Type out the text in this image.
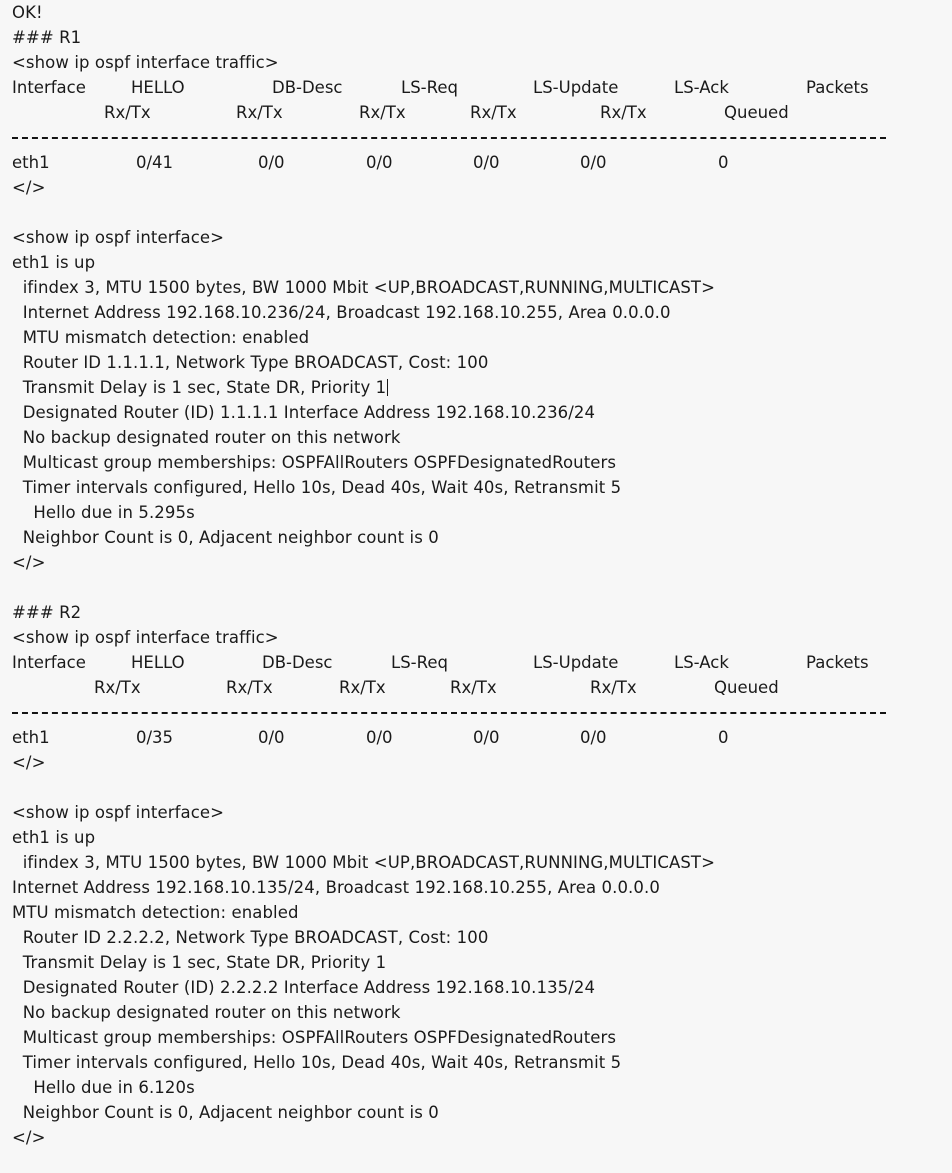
OK!
### R1
<show ip ospf interface traffic>
Interface	HELLO	DB-Desc	LS-Req	LS-Update	LS-Ack	Packets
Rx/Tx	Rx/Tx	Rx/Tx	Rx/Tx	Rx/Tx	Queued
eth1	0/41	0/0	0/0	0/0	0/0	0
</>
<show ip ospf interface>
eth1 is up
ifindex 3, MTU 1500 bytes, BW 1000 Mbit <UP,BROADCAST,RUNNING,MULTICAST>
Internet Address 192.168.10.236/24, Broadcast 192.168.10.255, Area 0.0.0.0
MTU mismatch detection: enabled
Router ID 1.1.1.1, Network Type BROADCAST, Cost: 100
Transmit Delay is 1 sec, State DR, Priority 1
Designated Router (ID) 1.1.1.1 Interface Address 192.168.10.236/24
No backup designated router on this network
Multicast group memberships: OSPFAllRouters OSPFDesignatedRouters
Timer intervals configured, Hello 10s, Dead 40s, Wait 40s, Retransmit 5
Hello due in 5.295s
Neighbor Count is 0, Adjacent neighbor count is 0
</>
### R2
<show ip ospf interface traffic>
Interface	HELLO	DB-Desc	LS-Req	LS-Update	LS-Ack	Packets
Rx/Tx	Rx/Tx	Rx/Tx	Rx/Tx	Rx/Tx	Queued
eth1	0/35	0/0	0/0	0/0	0/0	0
</>
<show ip ospf interface>
eth1 is up
ifindex 3, MTU 1500 bytes, BW 1000 Mbit <UP,BROADCAST,RUNNING,MULTICAST>
Internet Address 192.168.10.135/24, Broadcast 192.168.10.255, Area 0.0.0.0
MTU mismatch detection: enabled
Router ID 2.2.2.2, Network Type BROADCAST, Cost: 100
Transmit Delay is 1 sec, State DR, Priority 1
Designated Router (ID) 2.2.2.2 Interface Address 192.168.10.135/24
No backup designated router on this network
Multicast group memberships: OSPFAllRouters OSPFDesignatedRouters
Timer intervals configured, Hello 10s, Dead 40s, Wait 40s, Retransmit 5
Hello due in 6.120s
Neighbor Count is 0, Adjacent neighbor count is 0
</>
